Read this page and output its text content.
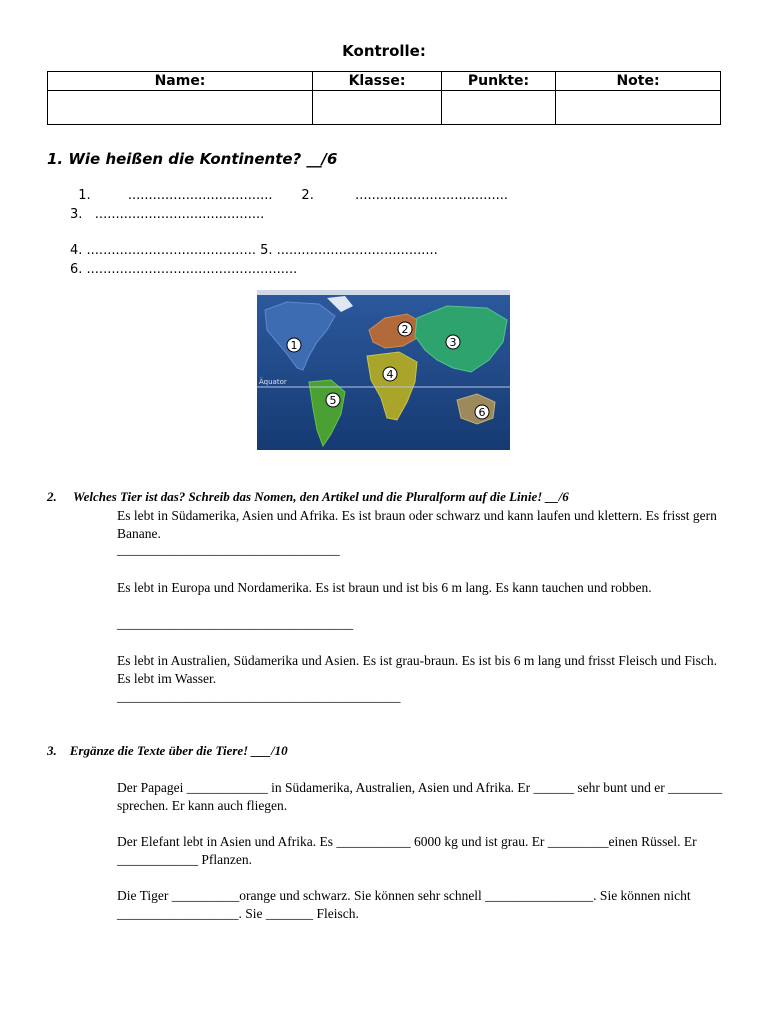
Kontrolle:
Name:	Klasse:	Punkte:	Note:

1. Wie heißen die Kontinente? __/6
1.         ...................................       2.          .....................................
3.   .........................................
4. ......................................... 5. .......................................
6. ...................................................
Äquator
1
2
3
4
5
6
2. Welches Tier ist das? Schreib das Nomen, den Artikel und die Pluralform auf die Linie! __/6
Es lebt in Südamerika, Asien und Afrika. Es ist braun oder schwarz und kann laufen und klettern. Es frisst gern Banane.
_________________________________
Es lebt in Europa und Nordamerika. Es ist braun und ist bis 6 m lang. Es kann tauchen und robben.
___________________________________
Es lebt in Australien, Südamerika und Asien. Es ist grau-braun. Es ist bis 6 m lang und frisst Fleisch und Fisch. Es lebt im Wasser.
__________________________________________
3. Ergänze die Texte über die Tiere! ___/10
Der Papagei ____________ in Südamerika, Australien, Asien und Afrika. Er ______ sehr bunt und er ________ sprechen. Er kann auch fliegen.
Der Elefant lebt in Asien und Afrika. Es ___________ 6000 kg und ist grau. Er _________einen Rüssel. Er ____________ Pflanzen.
Die Tiger __________orange und schwarz. Sie können sehr schnell ________________. Sie können nicht __________________. Sie _______ Fleisch.
